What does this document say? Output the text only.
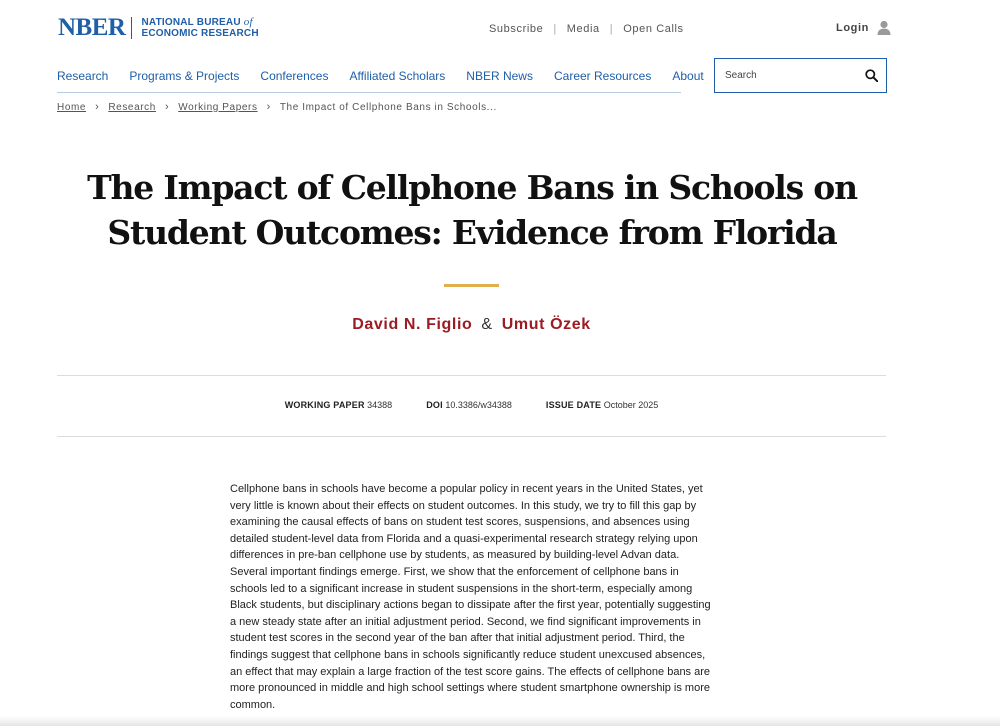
NBER NATIONAL BUREAU of
ECONOMIC RESEARCH	Subscribe | Media | Open Calls	Login
Research Programs & Projects Conferences Affiliated Scholars NBER News Career Resources About
Search
Home › Research › Working Papers › The Impact of Cellphone Bans in Schools...
The Impact of Cellphone Bans in Schools on
Student Outcomes: Evidence from Florida
David N. Figlio & Umut Özek
WORKING PAPER 34388	DOI 10.3386/w34388	ISSUE DATE October 2025

Cellphone bans in schools have become a popular policy in recent years in the United States, yet very little is known about their effects on student outcomes. In this study, we try to fill this gap by examining the causal effects of bans on student test scores, suspensions, and absences using detailed student-level data from Florida and a quasi-experimental research strategy relying upon differences in pre-ban cellphone use by students, as measured by building-level Advan data. Several important findings emerge. First, we show that the enforcement of cellphone bans in schools led to a significant increase in student suspensions in the short-term, especially among Black students, but disciplinary actions began to dissipate after the first year, potentially suggesting a new steady state after an initial adjustment period. Second, we find significant improvements in student test scores in the second year of the ban after that initial adjustment period. Third, the findings suggest that cellphone bans in schools significantly reduce student unexcused absences, an effect that may explain a large fraction of the test score gains. The effects of cellphone bans are more pronounced in middle and high school settings where student smartphone ownership is more common.
